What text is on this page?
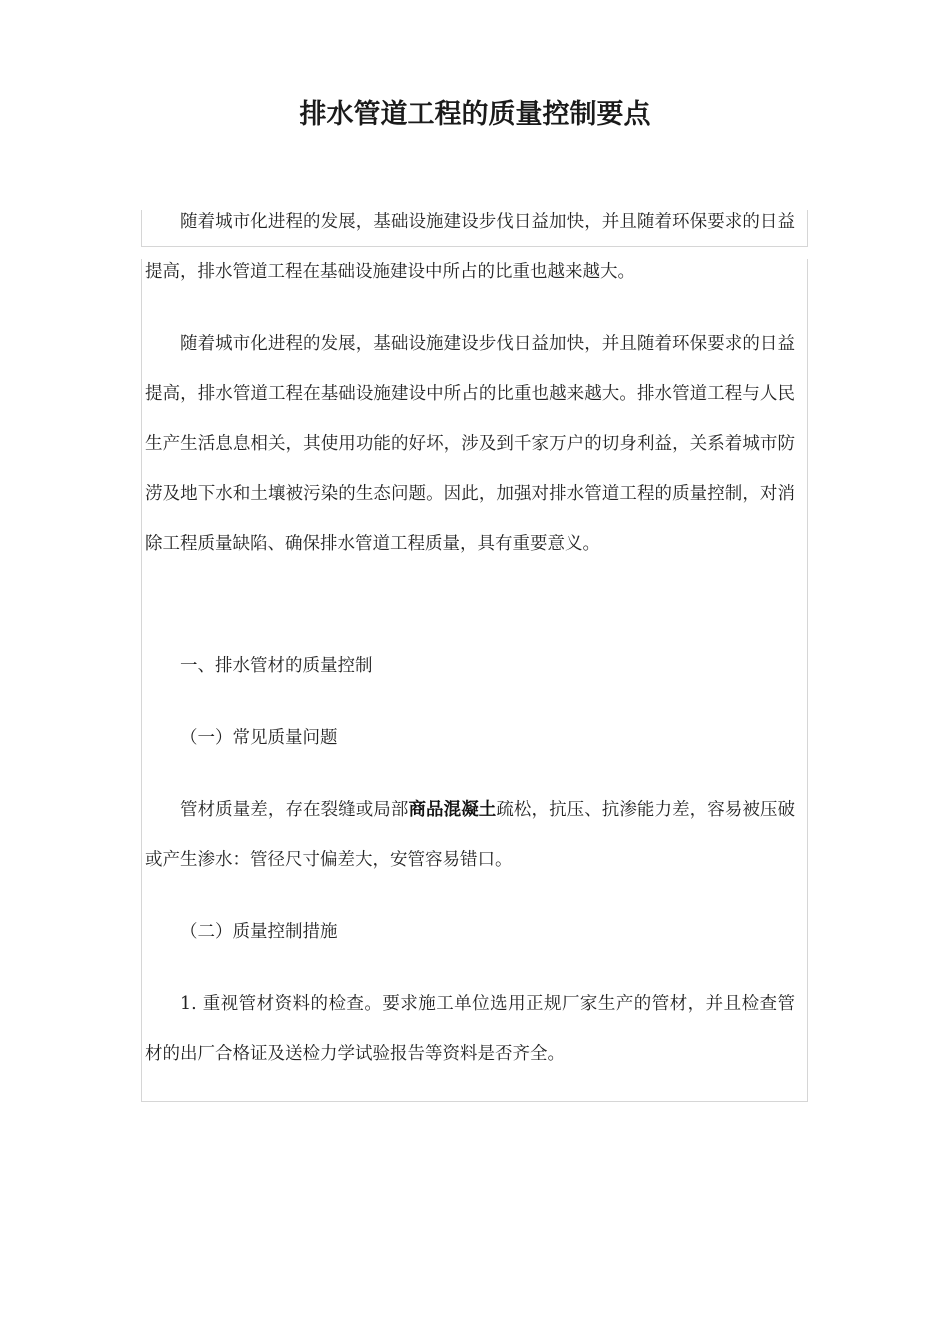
排水管道工程的质量控制要点

随着城市化进程的发展，基础设施建设步伐日益加快，并且随着环保要求的日益提高，排水管道工程在基础设施建设中所占的比重也越来越大。

随着城市化进程的发展，基础设施建设步伐日益加快，并且随着环保要求的日益提高，排水管道工程在基础设施建设中所占的比重也越来越大。排水管道工程与人民生产生活息息相关，其使用功能的好坏，涉及到千家万户的切身利益，关系着城市防涝及地下水和土壤被污染的生态问题。因此，加强对排水管道工程的质量控制，对消除工程质量缺陷、确保排水管道工程质量，具有重要意义。

一、排水管材的质量控制

（一）常见质量问题

管材质量差，存在裂缝或局部商品混凝土疏松，抗压、抗渗能力差，容易被压破或产生渗水：管径尺寸偏差大，安管容易错口。

（二）质量控制措施

1. 重视管材资料的检查。要求施工单位选用正规厂家生产的管材，并且检查管材的出厂合格证及送检力学试验报告等资料是否齐全。
